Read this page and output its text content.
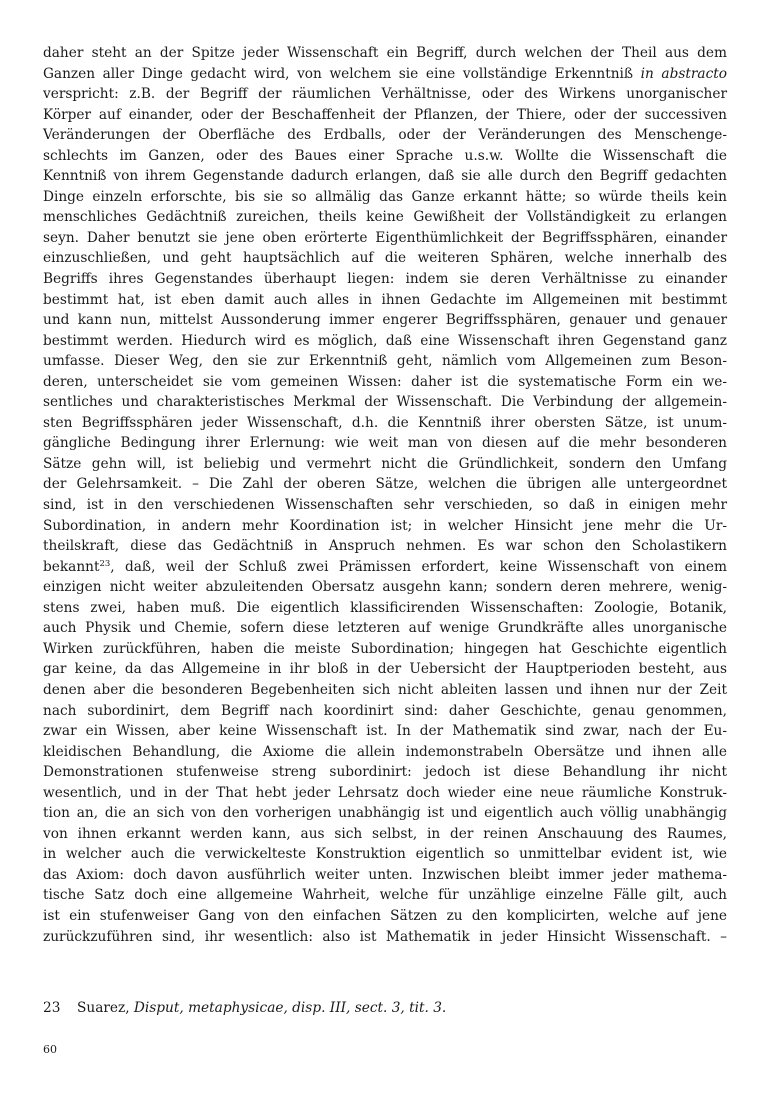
daher steht an der Spitze jeder Wissenschaft ein Begriff, durch welchen der Theil aus dem
Ganzen aller Dinge gedacht wird, von welchem sie eine vollständige Erkenntniß in abstracto
verspricht: z.B. der Begriff der räumlichen Verhältnisse, oder des Wirkens unorganischer
Körper auf einander, oder der Beschaffenheit der Pflanzen, der Thiere, oder der successiven
Veränderungen der Oberfläche des Erdballs, oder der Veränderungen des Menschenge-
schlechts im Ganzen, oder des Baues einer Sprache u.s.w. Wollte die Wissenschaft die
Kenntniß von ihrem Gegenstande dadurch erlangen, daß sie alle durch den Begriff gedachten
Dinge einzeln erforschte, bis sie so allmälig das Ganze erkannt hätte; so würde theils kein
menschliches Gedächtniß zureichen, theils keine Gewißheit der Vollständigkeit zu erlangen
seyn. Daher benutzt sie jene oben erörterte Eigenthümlichkeit der Begriffssphären, einander
einzuschließen, und geht hauptsächlich auf die weiteren Sphären, welche innerhalb des
Begriffs ihres Gegenstandes überhaupt liegen: indem sie deren Verhältnisse zu einander
bestimmt hat, ist eben damit auch alles in ihnen Gedachte im Allgemeinen mit bestimmt
und kann nun, mittelst Aussonderung immer engerer Begriffssphären, genauer und genauer
bestimmt werden. Hiedurch wird es möglich, daß eine Wissenschaft ihren Gegenstand ganz
umfasse. Dieser Weg, den sie zur Erkenntniß geht, nämlich vom Allgemeinen zum Beson-
deren, unterscheidet sie vom gemeinen Wissen: daher ist die systematische Form ein we-
sentliches und charakteristisches Merkmal der Wissenschaft. Die Verbindung der allgemein-
sten Begriffssphären jeder Wissenschaft, d.h. die Kenntniß ihrer obersten Sätze, ist unum-
gängliche Bedingung ihrer Erlernung: wie weit man von diesen auf die mehr besonderen
Sätze gehn will, ist beliebig und vermehrt nicht die Gründlichkeit, sondern den Umfang
der Gelehrsamkeit. – Die Zahl der oberen Sätze, welchen die übrigen alle untergeordnet
sind, ist in den verschiedenen Wissenschaften sehr verschieden, so daß in einigen mehr
Subordination, in andern mehr Koordination ist; in welcher Hinsicht jene mehr die Ur-
theilskraft, diese das Gedächtniß in Anspruch nehmen. Es war schon den Scholastikern
bekannt$^{23}$, daß, weil der Schluß zwei Prämissen erfordert, keine Wissenschaft von einem
einzigen nicht weiter abzuleitenden Obersatz ausgehn kann; sondern deren mehrere, wenig-
stens zwei, haben muß. Die eigentlich klassificirenden Wissenschaften: Zoologie, Botanik,
auch Physik und Chemie, sofern diese letzteren auf wenige Grundkräfte alles unorganische
Wirken zurückführen, haben die meiste Subordination; hingegen hat Geschichte eigentlich
gar keine, da das Allgemeine in ihr bloß in der Uebersicht der Hauptperioden besteht, aus
denen aber die besonderen Begebenheiten sich nicht ableiten lassen und ihnen nur der Zeit
nach subordinirt, dem Begriff nach koordinirt sind: daher Geschichte, genau genommen,
zwar ein Wissen, aber keine Wissenschaft ist. In der Mathematik sind zwar, nach der Eu-
kleidischen Behandlung, die Axiome die allein indemonstrabeln Obersätze und ihnen alle
Demonstrationen stufenweise streng subordinirt: jedoch ist diese Behandlung ihr nicht
wesentlich, und in der That hebt jeder Lehrsatz doch wieder eine neue räumliche Konstruk-
tion an, die an sich von den vorherigen unabhängig ist und eigentlich auch völlig unabhängig
von ihnen erkannt werden kann, aus sich selbst, in der reinen Anschauung des Raumes,
in welcher auch die verwickelteste Konstruktion eigentlich so unmittelbar evident ist, wie
das Axiom: doch davon ausführlich weiter unten. Inzwischen bleibt immer jeder mathema-
tische Satz doch eine allgemeine Wahrheit, welche für unzählige einzelne Fälle gilt, auch
ist ein stufenweiser Gang von den einfachen Sätzen zu den komplicirten, welche auf jene
zurückzuführen sind, ihr wesentlich: also ist Mathematik in jeder Hinsicht Wissenschaft. –
23 Suarez, Disput, metaphysicae, disp. III, sect. 3, tit. 3.
60
